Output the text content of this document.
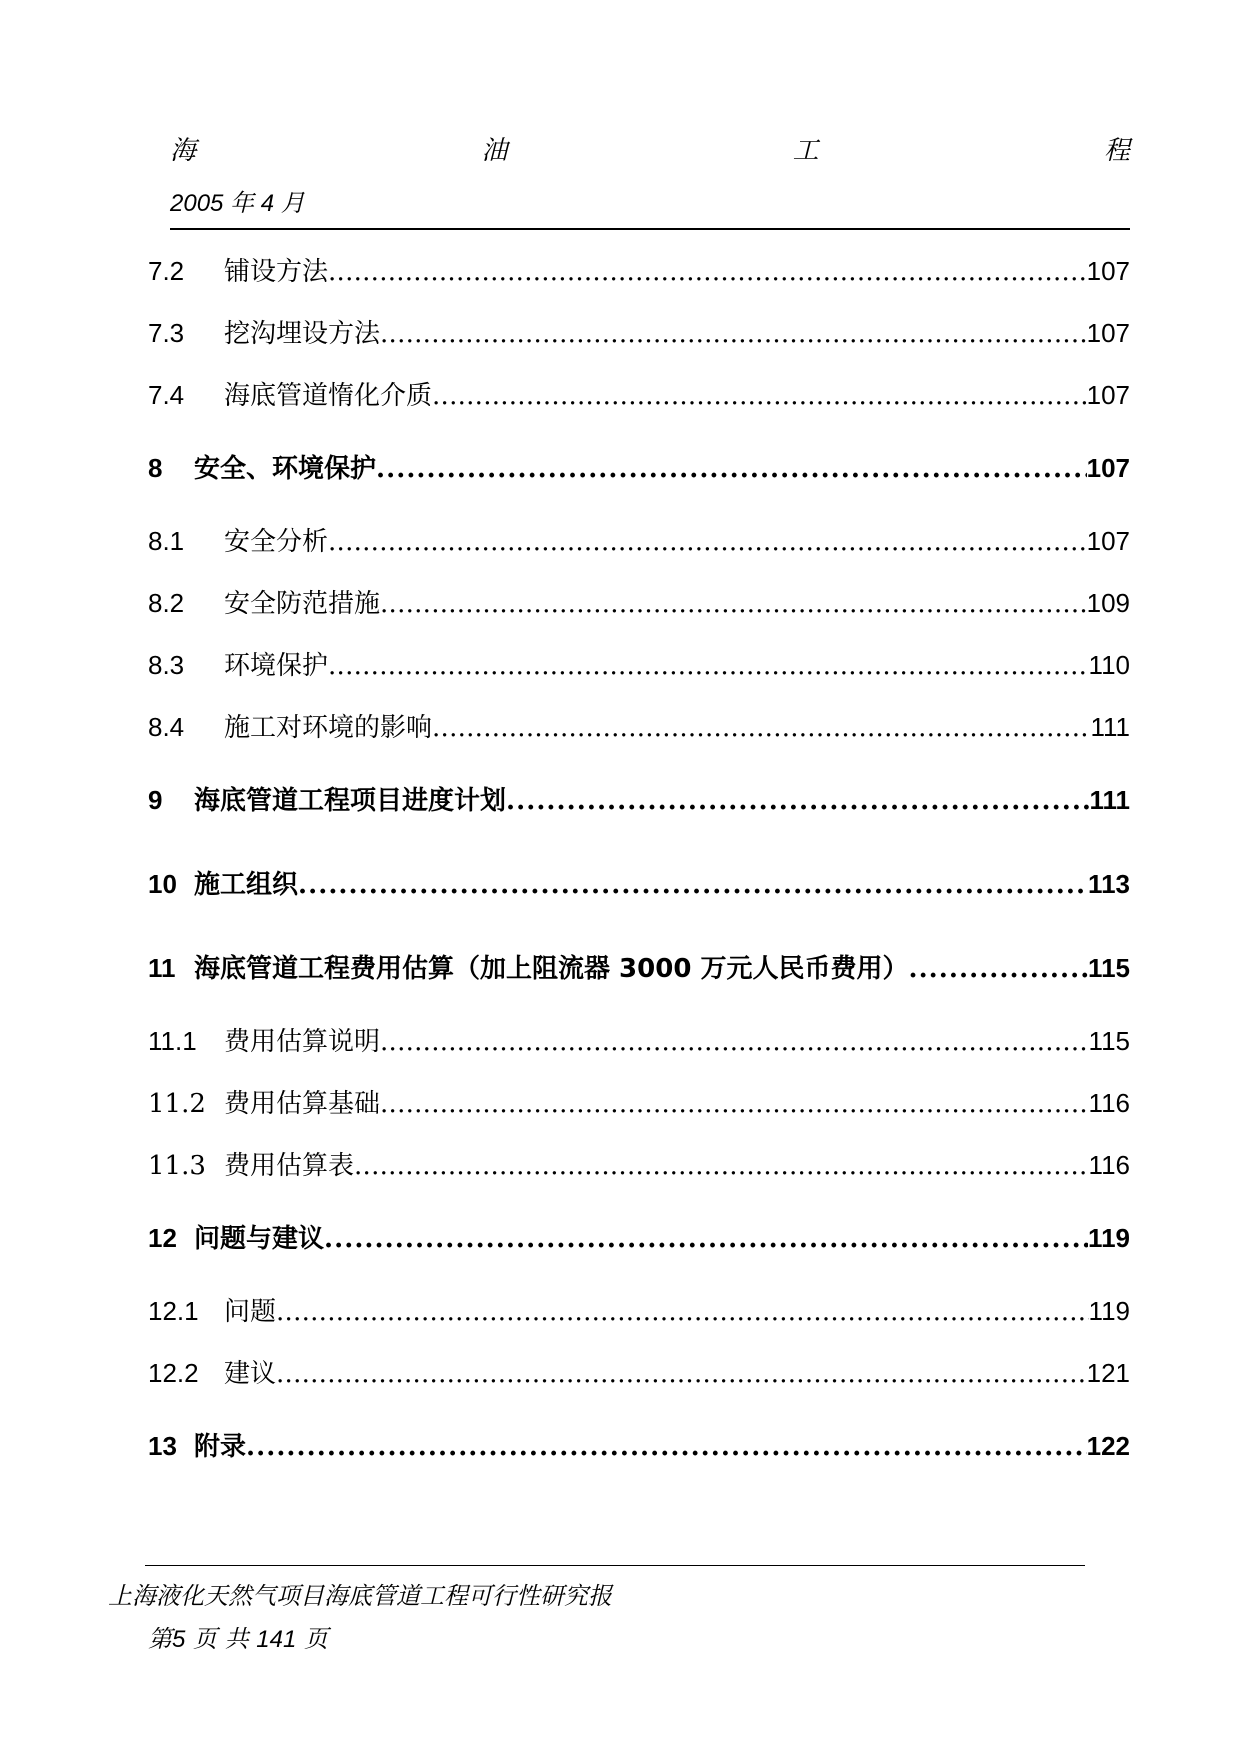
海	油	工	程
2005 年 4 月
7.2	铺设方法 . . .	107
7.3	挖沟埋设方法 . . .	107
7.4	海底管道惰化介质 . . .	107
8	安全、环境保护 . . .	107
8.1	安全分析 . . .	107
8.2	安全防范措施 . . .	109
8.3	环境保护 . . .	110
8.4	施工对环境的影响 . . .	111
9	海底管道工程项目进度计划 . . .	111
10 施工组织 . . .	113
11 海底管道工程费用估算（加上阻流器 3000 万元人民币费用） . . .	115
11.1	费用估算说明 . . .	115
11.2 费用估算基础 . . .	116
11.3 费用估算表 . . .	116
12 问题与建议 . . .	119
12.1 问题 . . .	119
12.2 建议 . . .	121
13 附录 . . .	122
上海液化天然气项目海底管道工程可行性研究报
第5 页 共 141 页
